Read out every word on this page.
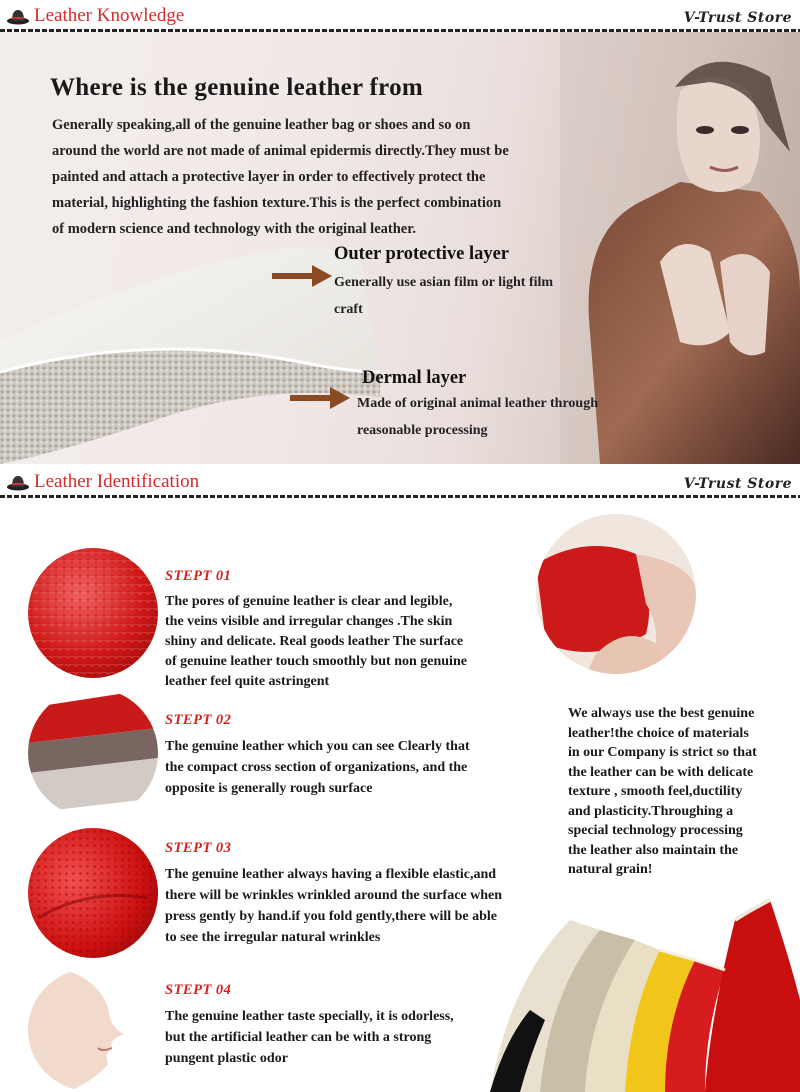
Leather Knowledge	V-Trust Store
Where is the genuine leather from
Generally speaking,all of the genuine leather bag or shoes and so on
around the world are not made of animal epidermis directly.They must be
painted and attach a protective layer in order to effectively protect the
material, highlighting the fashion texture.This is the perfect combination
of modern science and technology with the original leather.
Outer protective layer
Generally use asian film or light film
craft
Dermal layer
Made of original animal leather through
reasonable processing
Leather Identification	V-Trust Store
STEPT 01
The pores of genuine leather is clear and legible,
the veins visible and irregular changes .The skin
shiny and delicate. Real goods leather The surface
of genuine leather touch smoothly but non genuine
leather feel quite astringent
STEPT 02
The genuine leather which you can see Clearly that
the compact cross section of organizations, and the
opposite is generally rough surface
STEPT 03
The genuine leather always having a flexible elastic,and
there will be wrinkles wrinkled around the surface when
press gently by hand.if you fold gently,there will be able
to see the irregular natural wrinkles
STEPT 04
The genuine leather taste specially, it is odorless,
but the artificial leather can be with a strong
pungent plastic odor
We always use the best genuine
leather!the choice of materials
in our Company is strict so that
the leather can be with delicate
texture , smooth feel,ductility
and plasticity.Throughing a
special technology processing
the leather also maintain the
natural grain!
